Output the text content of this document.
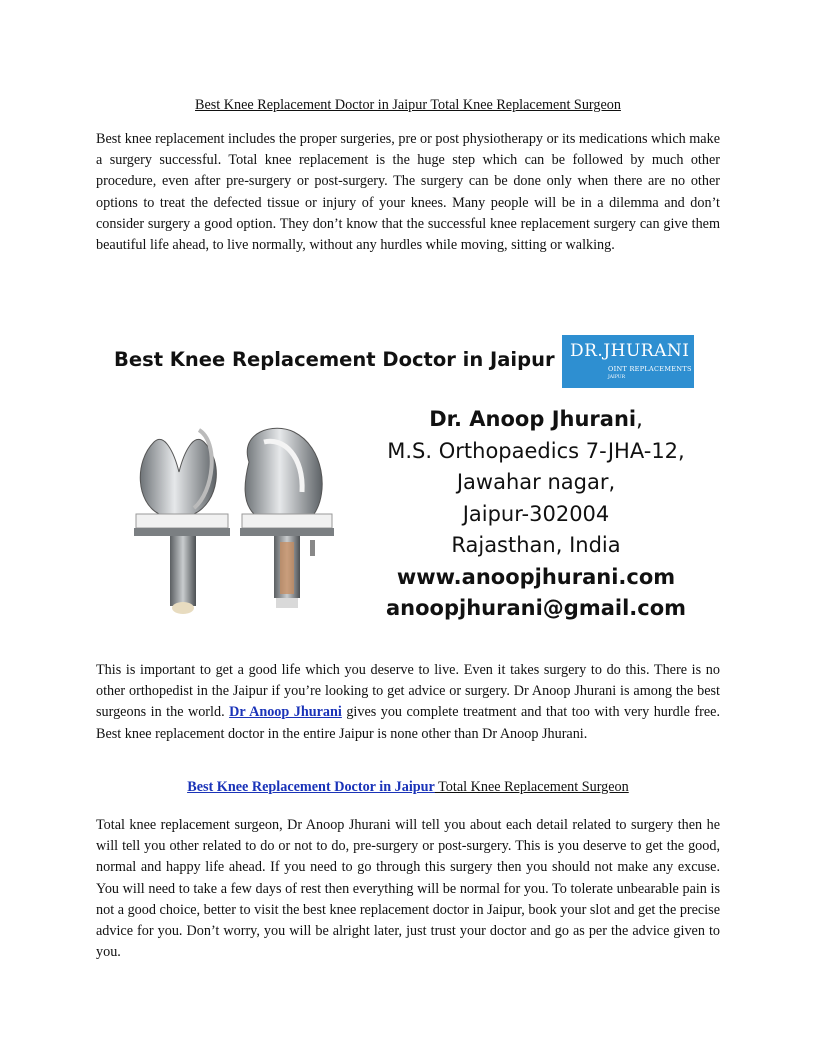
Best Knee Replacement Doctor in Jaipur Total Knee Replacement Surgeon

Best knee replacement includes the proper surgeries, pre or post physiotherapy or its medications which make a surgery successful. Total knee replacement is the huge step which can be followed by much other procedure, even after pre-surgery or post-surgery. The surgery can be done only when there are no other options to treat the defected tissue or injury of your knees. Many people will be in a dilemma and don’t consider surgery a good option. They don’t know that the successful knee replacement surgery can give them beautiful life ahead, to live normally, without any hurdles while moving, sitting or walking.

Best Knee Replacement Doctor in Jaipur DR.JHURANI
OINT REPLACEMENTS
JAIPUR
Dr. Anoop Jhurani,
M.S. Orthopaedics 7-JHA-12,
Jawahar nagar,
Jaipur-302004
Rajasthan, India
www.anoopjhurani.com
anoopjhurani@gmail.com

This is important to get a good life which you deserve to live. Even it takes surgery to do this. There is no other orthopedist in the Jaipur if you’re looking to get advice or surgery. Dr Anoop Jhurani is among the best surgeons in the world. Dr Anoop Jhurani gives you complete treatment and that too with very hurdle free. Best knee replacement doctor in the entire Jaipur is none other than Dr Anoop Jhurani.

Best Knee Replacement Doctor in Jaipur Total Knee Replacement Surgeon

Total knee replacement surgeon, Dr Anoop Jhurani will tell you about each detail related to surgery then he will tell you other related to do or not to do, pre-surgery or post-surgery. This is you deserve to get the good, normal and happy life ahead. If you need to go through this surgery then you should not make any excuse. You will need to take a few days of rest then everything will be normal for you. To tolerate unbearable pain is not a good choice, better to visit the best knee replacement doctor in Jaipur, book your slot and get the precise advice for you. Don’t worry, you will be alright later, just trust your doctor and go as per the advice given to you.
